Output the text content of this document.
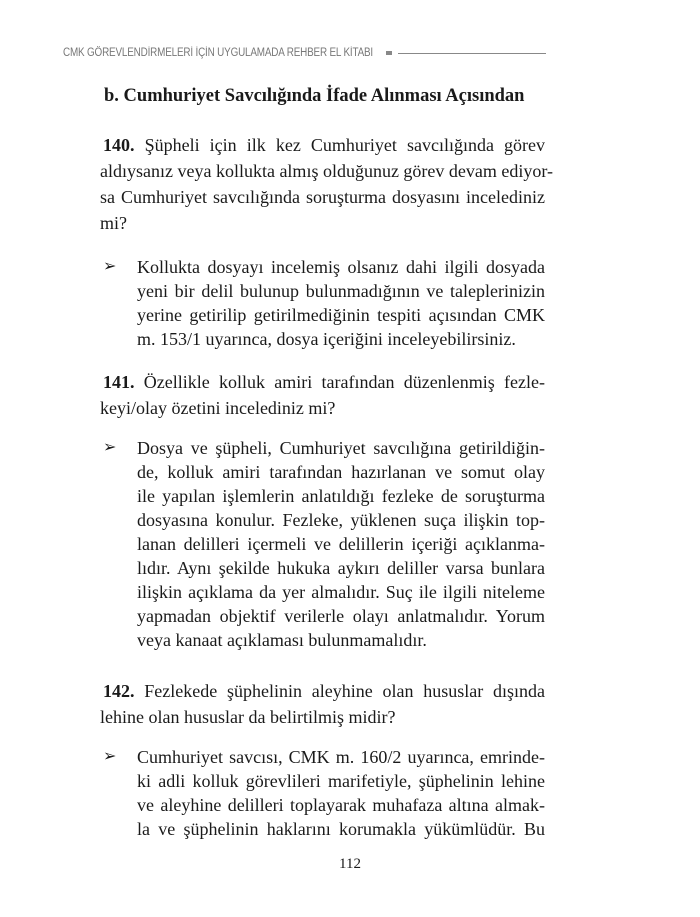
CMK GÖREVLENDİRMELERİ İÇİN UYGULAMADA REHBER EL KİTABI
b. Cumhuriyet Savcılığında İfade Alınması Açısından
140. Şüpheli için ilk kez Cumhuriyet savcılığında görev
aldıysanız veya kollukta almış olduğunuz görev devam ediyor-
sa Cumhuriyet savcılığında soruşturma dosyasını incelediniz
mi?
➢ Kollukta dosyayı incelemiş olsanız dahi ilgili dosyada
yeni bir delil bulunup bulunmadığının ve taleplerinizin
yerine getirilip getirilmediğinin tespiti açısından CMK
m. 153/1 uyarınca, dosya içeriğini inceleyebilirsiniz.
141. Özellikle kolluk amiri tarafından düzenlenmiş fezle-
keyi/olay özetini incelediniz mi?
➢ Dosya ve şüpheli, Cumhuriyet savcılığına getirildiğin-
de, kolluk amiri tarafından hazırlanan ve somut olay
ile yapılan işlemlerin anlatıldığı fezleke de soruşturma
dosyasına konulur. Fezleke, yüklenen suça ilişkin top-
lanan delilleri içermeli ve delillerin içeriği açıklanma-
lıdır. Aynı şekilde hukuka aykırı deliller varsa bunlara
ilişkin açıklama da yer almalıdır. Suç ile ilgili niteleme
yapmadan objektif verilerle olayı anlatmalıdır. Yorum
veya kanaat açıklaması bulunmamalıdır.
142. Fezlekede şüphelinin aleyhine olan hususlar dışında
lehine olan hususlar da belirtilmiş midir?
➢ Cumhuriyet savcısı, CMK m. 160/2 uyarınca, emrinde-
ki adli kolluk görevlileri marifetiyle, şüphelinin lehine
ve aleyhine delilleri toplayarak muhafaza altına almak-
la ve şüphelinin haklarını korumakla yükümlüdür. Bu
112
